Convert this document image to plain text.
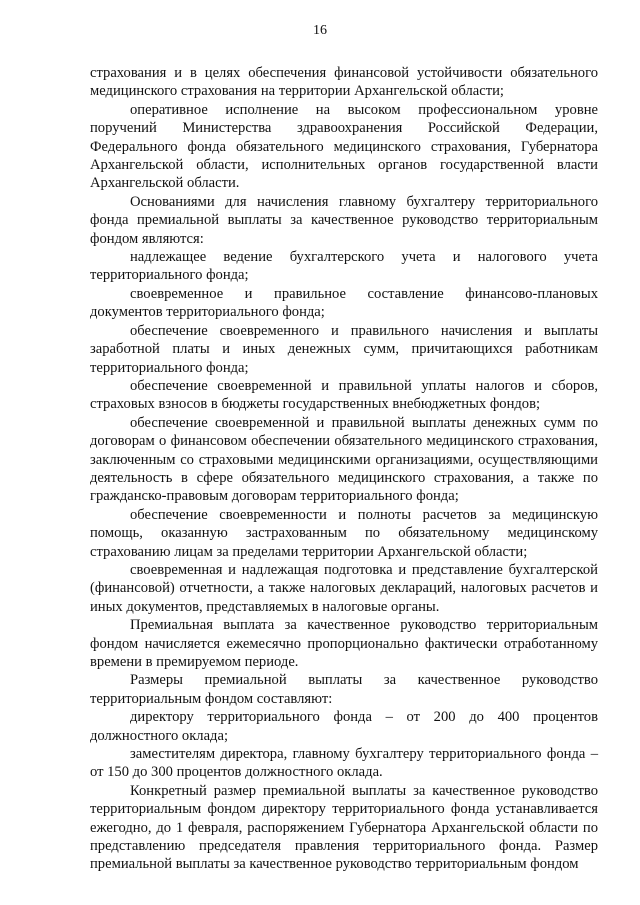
16

страхования и в целях обеспечения финансовой устойчивости обязательного медицинского страхования на территории Архангельской области;

оперативное исполнение на высоком профессиональном уровне поручений Министерства здравоохранения Российской Федерации, Федерального фонда обязательного медицинского страхования, Губернатора Архангельской области, исполнительных органов государственной власти Архангельской области.

Основаниями для начисления главному бухгалтеру территориального фонда премиальной выплаты за качественное руководство территориальным фондом являются:

надлежащее ведение бухгалтерского учета и налогового учета территориального фонда;

своевременное и правильное составление финансово-плановых документов территориального фонда;

обеспечение своевременного и правильного начисления и выплаты заработной платы и иных денежных сумм, причитающихся работникам территориального фонда;

обеспечение своевременной и правильной уплаты налогов и сборов, страховых взносов в бюджеты государственных внебюджетных фондов;

обеспечение своевременной и правильной выплаты денежных сумм по договорам о финансовом обеспечении обязательного медицинского страхования, заключенным со страховыми медицинскими организациями, осуществляющими деятельность в сфере обязательного медицинского страхования, а также по гражданско-правовым договорам территориального фонда;

обеспечение своевременности и полноты расчетов за медицинскую помощь, оказанную застрахованным по обязательному медицинскому страхованию лицам за пределами территории Архангельской области;

своевременная и надлежащая подготовка и представление бухгалтерской (финансовой) отчетности, а также налоговых деклараций, налоговых расчетов и иных документов, представляемых в налоговые органы.

Премиальная выплата за качественное руководство территориальным фондом начисляется ежемесячно пропорционально фактически отработанному времени в премируемом периоде.

Размеры премиальной выплаты за качественное руководство территориальным фондом составляют:

директору территориального фонда – от 200 до 400 процентов должностного оклада;

заместителям директора, главному бухгалтеру территориального фонда – от 150 до 300 процентов должностного оклада.

Конкретный размер премиальной выплаты за качественное руководство территориальным фондом директору территориального фонда устанавливается ежегодно, до 1 февраля, распоряжением Губернатора Архангельской области по представлению председателя правления территориального фонда. Размер премиальной выплаты за качественное руководство территориальным фондом
